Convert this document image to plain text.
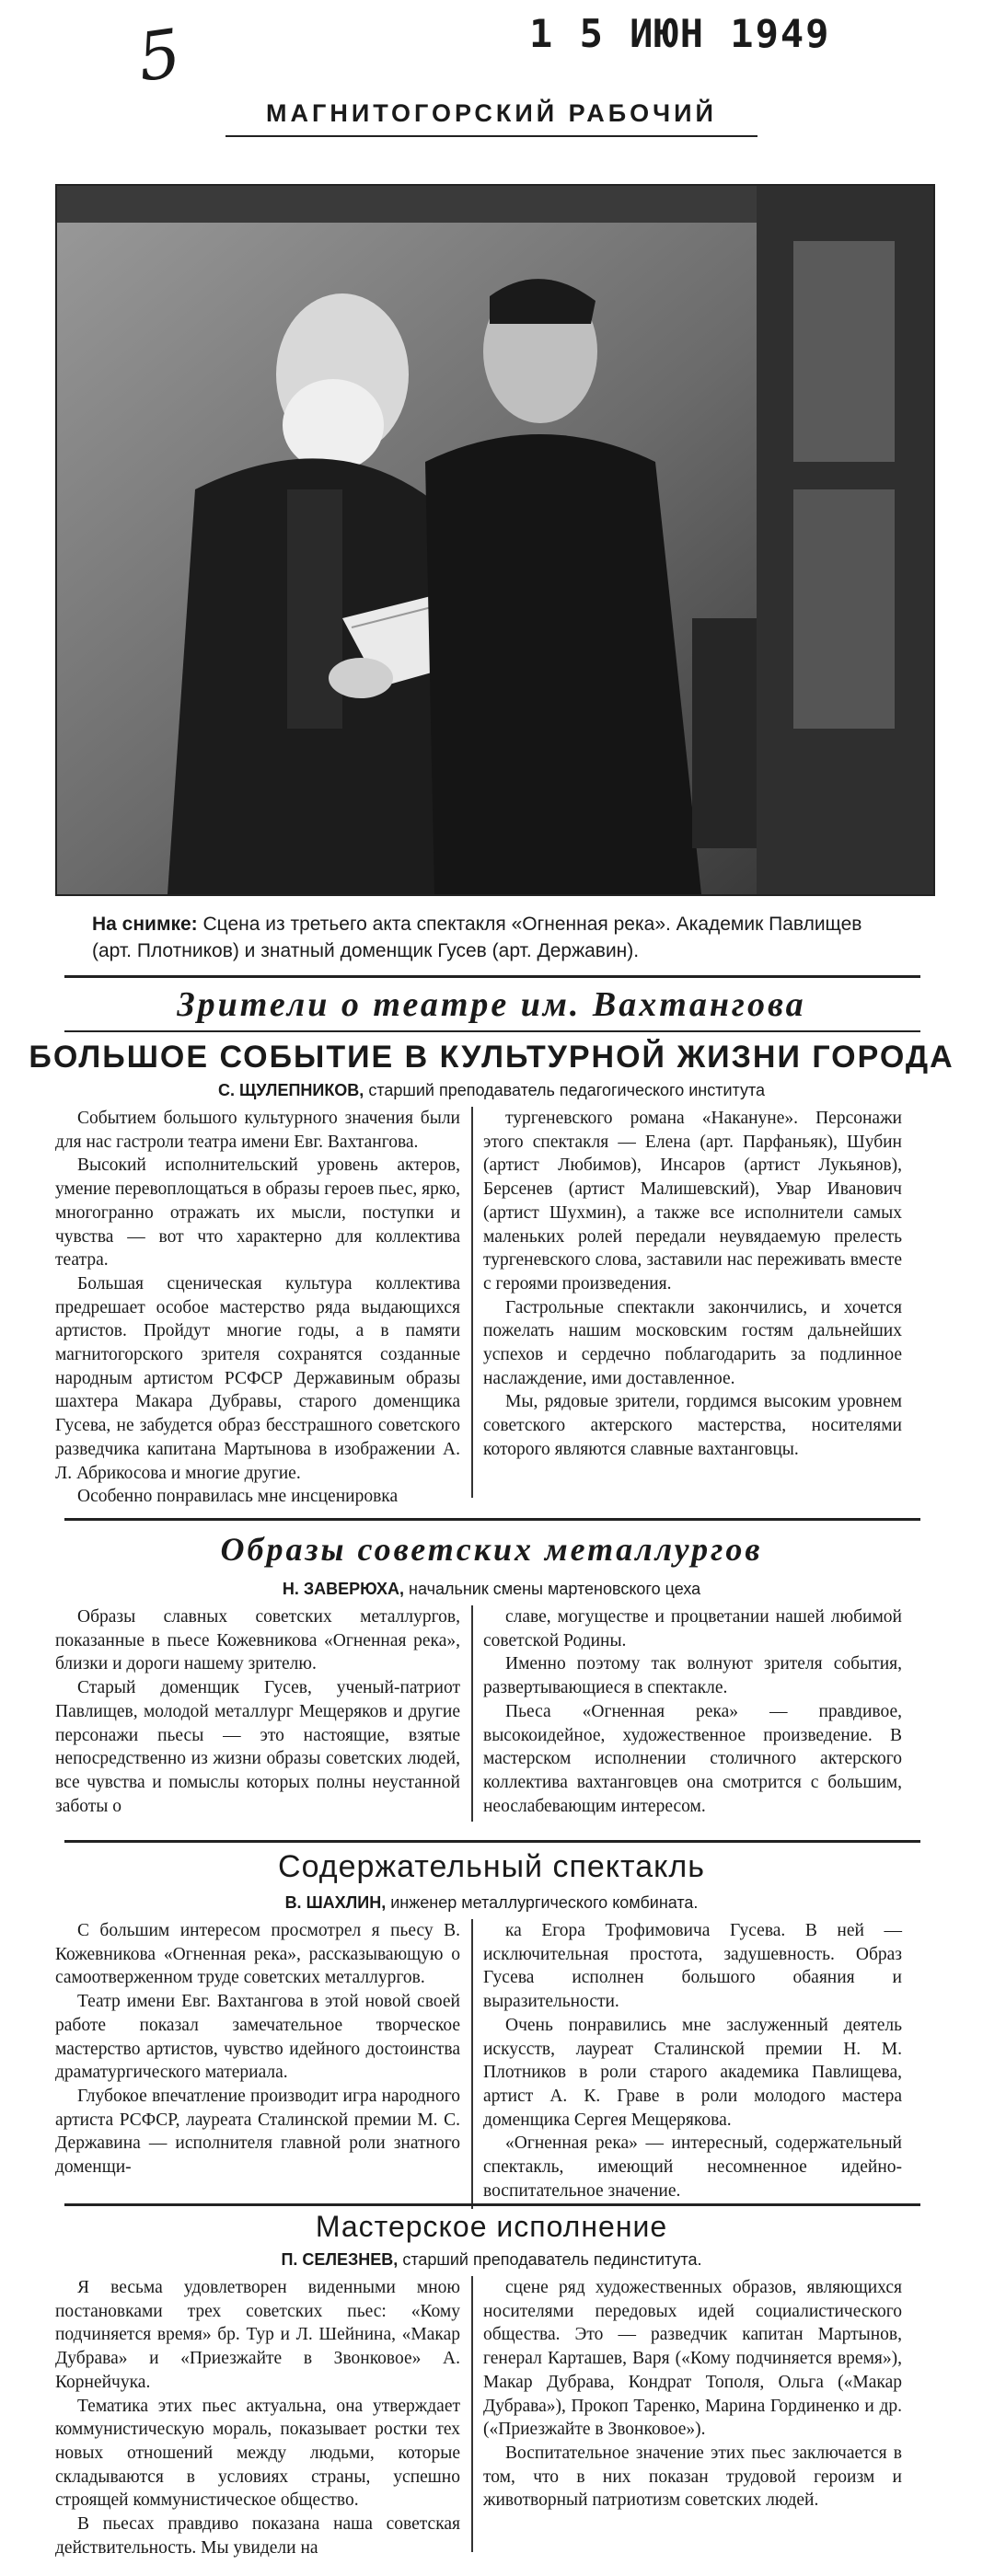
5	1 5 ИЮН 1949
МАГНИТОГОРСКИЙ РАБОЧИЙ
На снимке: Сцена из третьего акта спектакля «Огненная река». Академик Павлищев (арт. Плотников) и знатный доменщик Гусев (арт. Державин).
Зрители о театре им. Вахтангова
БОЛЬШОЕ СОБЫТИЕ В КУЛЬТУРНОЙ ЖИЗНИ ГОРОДА
С. ЩУЛЕПНИКОВ, старший преподаватель педагогического института

Событием большого культурного значения были для нас гастроли театра имени Евг. Вахтангова.

Высокий исполнительский уровень актеров, умение перевоплощаться в образы героев пьес, ярко, многогранно отражать их мысли, поступки и чувства — вот что характерно для коллектива театра.

Большая сценическая культура коллектива предрешает особое мастерство ряда выдающихся артистов. Пройдут многие годы, а в памяти магнитогорского зрителя сохранятся созданные народным артистом РСФСР Державиным образы шахтера Макара Дубравы, старого доменщика Гусева, не забудется образ бесстрашного советского разведчика капитана Мартынова в изображении А. Л. Абрикосова и многие другие.

Особенно понравилась мне инсценировка

тургеневского романа «Накануне». Персонажи этого спектакля — Елена (арт. Парфаньяк), Шубин (артист Любимов), Инсаров (артист Лукьянов), Берсенев (артист Малишевский), Увар Иванович (артист Шухмин), а также все исполнители самых маленьких ролей передали неувядаемую прелесть тургеневского слова, заставили нас переживать вместе с героями произведения.

Гастрольные спектакли закончились, и хочется пожелать нашим московским гостям дальнейших успехов и сердечно поблагодарить за подлинное наслаждение, ими доставленное.

Мы, рядовые зрители, гордимся высоким уровнем советского актерского мастерства, носителями которого являются славные вахтанговцы.

Образы советских металлургов
Н. ЗАВЕРЮХА, начальник смены мартеновского цеха

Образы славных советских металлургов, показанные в пьесе Кожевникова «Огненная река», близки и дороги нашему зрителю.

Старый доменщик Гусев, ученый-патриот Павлищев, молодой металлург Мещеряков и другие персонажи пьесы — это настоящие, взятые непосредственно из жизни образы советских людей, все чувства и помыслы которых полны неустанной заботы о

славе, могуществе и процветании нашей любимой советской Родины.

Именно поэтому так волнуют зрителя события, развертывающиеся в спектакле.

Пьеса «Огненная река» — правдивое, высокоидейное, художественное произведение. В мастерском исполнении столичного актерского коллектива вахтанговцев она смотрится с большим, неослабевающим интересом.

Содержательный спектакль
В. ШАХЛИН, инженер металлургического комбината.

С большим интересом просмотрел я пьесу В. Кожевникова «Огненная река», рассказывающую о самоотверженном труде советских металлургов.

Театр имени Евг. Вахтангова в этой новой своей работе показал замечательное творческое мастерство артистов, чувство идейного достоинства драматургического материала.

Глубокое впечатление производит игра народного артиста РСФСР, лауреата Сталинской премии М. С. Державина — исполнителя главной роли знатного доменщи-

ка Егора Трофимовича Гусева. В ней — исключительная простота, задушевность. Образ Гусева исполнен большого обаяния и выразительности.

Очень понравились мне заслуженный деятель искусств, лауреат Сталинской премии Н. М. Плотников в роли старого академика Павлищева, артист А. К. Граве в роли молодого мастера доменщика Сергея Мещерякова.

«Огненная река» — интересный, содержательный спектакль, имеющий несомненное идейно-воспитательное значение.

Мастерское исполнение
П. СЕЛЕЗНЕВ, старший преподаватель пединститута.

Я весьма удовлетворен виденными мною постановками трех советских пьес: «Кому подчиняется время» бр. Тур и Л. Шейнина, «Макар Дубрава» и «Приезжайте в Звонковое» А. Корнейчука.

Тематика этих пьес актуальна, она утверждает коммунистическую мораль, показывает ростки тех новых отношений между людьми, которые складываются в условиях страны, успешно строящей коммунистическое общество.

В пьесах правдиво показана наша советская действительность. Мы увидели на

сцене ряд художественных образов, являющихся носителями передовых идей социалистического общества. Это — разведчик капитан Мартынов, генерал Карташев, Варя («Кому подчиняется время»), Макар Дубрава, Кондрат Тополя, Ольга («Макар Дубрава»), Прокоп Таренко, Марина Гординенко и др. («Приезжайте в Звонковое»).

Воспитательное значение этих пьес заключается в том, что в них показан трудовой героизм и животворный патриотизм советских людей.
